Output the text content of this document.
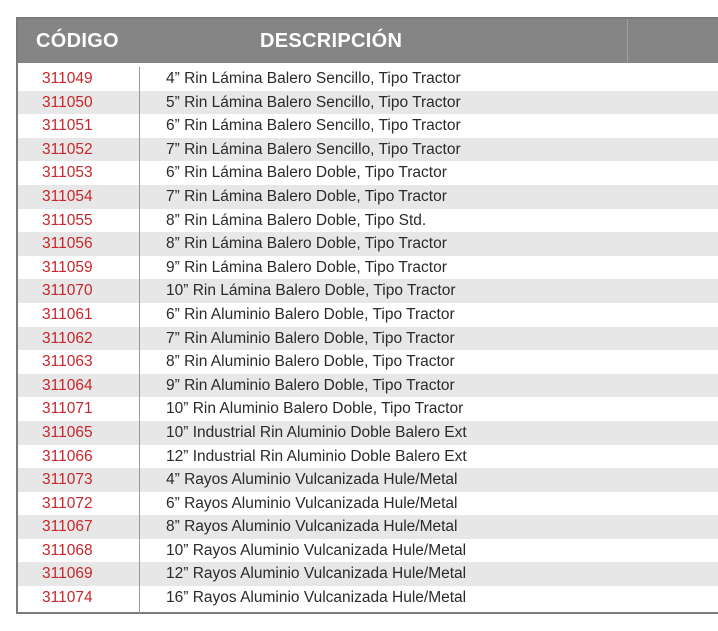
CÓDIGO	DESCRIPCIÓN
311049	4” Rin Lámina Balero Sencillo, Tipo Tractor
311050	5” Rin Lámina Balero Sencillo, Tipo Tractor
311051	6” Rin Lámina Balero Sencillo, Tipo Tractor
311052	7” Rin Lámina Balero Sencillo, Tipo Tractor
311053	6” Rin Lámina Balero Doble, Tipo Tractor
311054	7” Rin Lámina Balero Doble, Tipo Tractor
311055	8” Rin Lámina Balero Doble, Tipo Std.
311056	8” Rin Lámina Balero Doble, Tipo Tractor
311059	9” Rin Lámina Balero Doble, Tipo Tractor
311070	10” Rin Lámina Balero Doble, Tipo Tractor
311061	6” Rin Aluminio Balero Doble, Tipo Tractor
311062	7” Rin Aluminio Balero Doble, Tipo Tractor
311063	8” Rin Aluminio Balero Doble, Tipo Tractor
311064	9” Rin Aluminio Balero Doble, Tipo Tractor
311071	10” Rin Aluminio Balero Doble, Tipo Tractor
311065	10” Industrial Rin Aluminio Doble Balero Ext
311066	12” Industrial Rin Aluminio Doble Balero Ext
311073	4” Rayos Aluminio Vulcanizada Hule/Metal
311072	6” Rayos Aluminio Vulcanizada Hule/Metal
311067	8” Rayos Aluminio Vulcanizada Hule/Metal
311068	10” Rayos Aluminio Vulcanizada Hule/Metal
311069	12” Rayos Aluminio Vulcanizada Hule/Metal
311074	16” Rayos Aluminio Vulcanizada Hule/Metal
